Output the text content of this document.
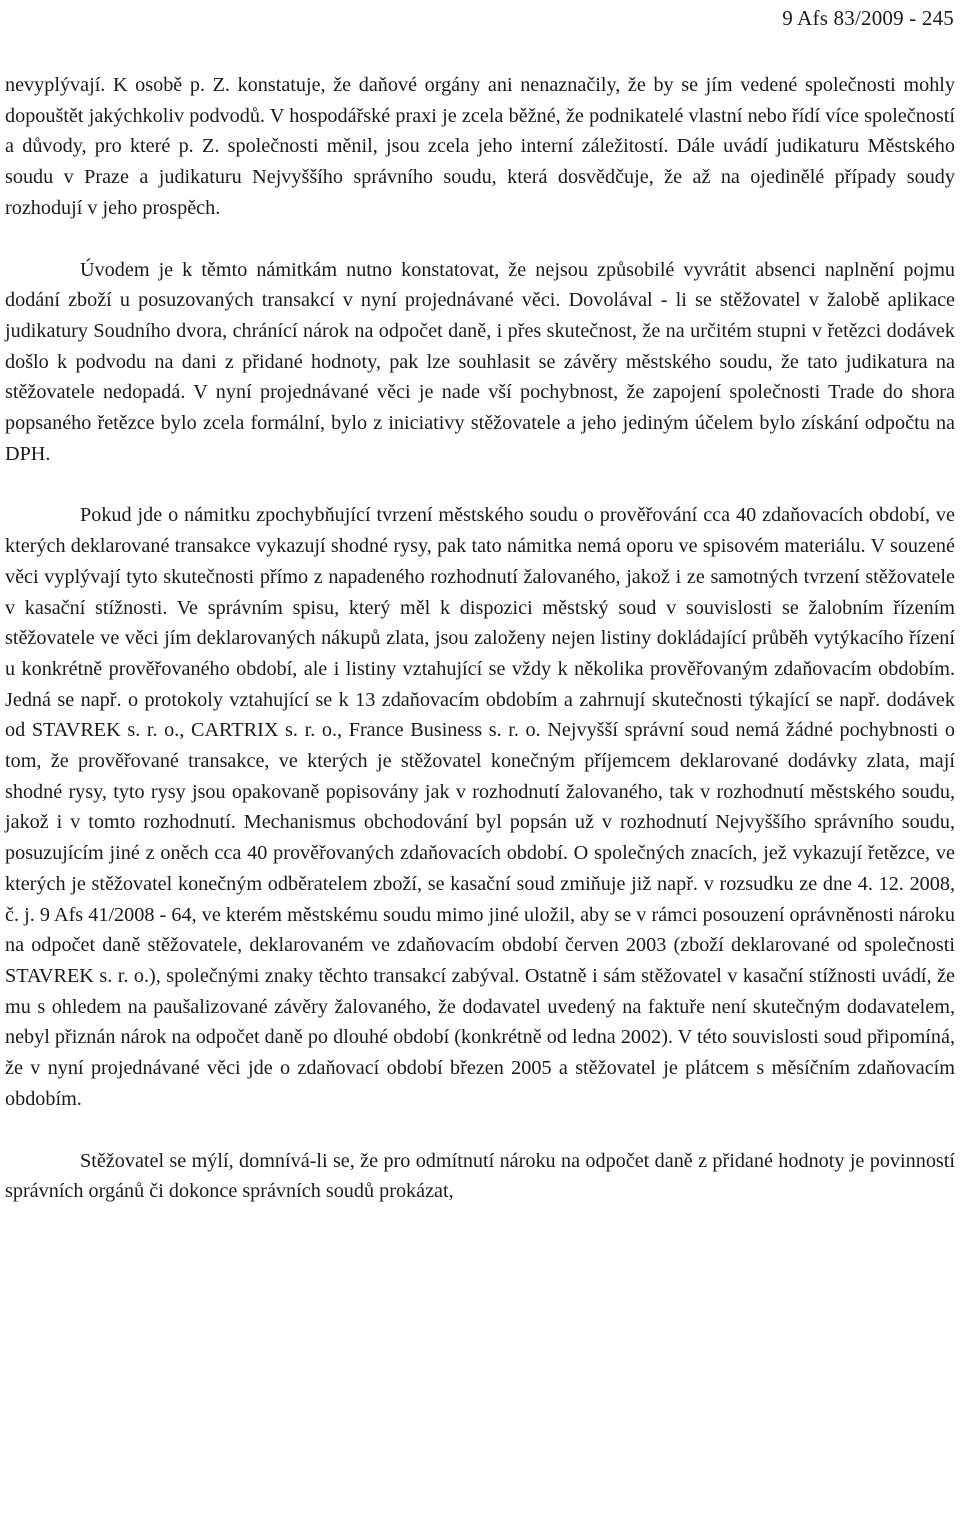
9 Afs 83/2009 - 245

nevyplývají. K osobě p. Z. konstatuje, že daňové orgány ani nenaznačily, že by se jím vedené společnosti mohly dopouštět jakýchkoliv podvodů. V hospodářské praxi je zcela běžné, že podnikatelé vlastní nebo řídí více společností a důvody, pro které p. Z. společnosti měnil, jsou zcela jeho interní záležitostí. Dále uvádí judikaturu Městského soudu v Praze a judikaturu Nejvyššího správního soudu, která dosvědčuje, že až na ojedinělé případy soudy rozhodují v jeho prospěch.

Úvodem je k těmto námitkám nutno konstatovat, že nejsou způsobilé vyvrátit absenci naplnění pojmu dodání zboží u posuzovaných transakcí v nyní projednávané věci. Dovolával - li se stěžovatel v žalobě aplikace judikatury Soudního dvora, chránící nárok na odpočet daně, i přes skutečnost, že na určitém stupni v řetězci dodávek došlo k podvodu na dani z přidané hodnoty, pak lze souhlasit se závěry městského soudu, že tato judikatura na stěžovatele nedopadá. V nyní projednávané věci je nade vší pochybnost, že zapojení společnosti Trade do shora popsaného řetězce bylo zcela formální, bylo z iniciativy stěžovatele a jeho jediným účelem bylo získání odpočtu na DPH.

Pokud jde o námitku zpochybňující tvrzení městského soudu o prověřování cca 40 zdaňovacích období, ve kterých deklarované transakce vykazují shodné rysy, pak tato námitka nemá oporu ve spisovém materiálu. V souzené věci vyplývají tyto skutečnosti přímo z napadeného rozhodnutí žalovaného, jakož i ze samotných tvrzení stěžovatele v kasační stížnosti. Ve správním spisu, který měl k dispozici městský soud v souvislosti se žalobním řízením stěžovatele ve věci jím deklarovaných nákupů zlata, jsou založeny nejen listiny dokládající průběh vytýkacího řízení u konkrétně prověřovaného období, ale i listiny vztahující se vždy k několika prověřovaným zdaňovacím obdobím. Jedná se např. o protokoly vztahující se k 13 zdaňovacím obdobím a zahrnují skutečnosti týkající se např. dodávek od STAVREK s. r. o., CARTRIX s. r. o., France Business s. r. o. Nejvyšší správní soud nemá žádné pochybnosti o tom, že prověřované transakce, ve kterých je stěžovatel konečným příjemcem deklarované dodávky zlata, mají shodné rysy, tyto rysy jsou opakovaně popisovány jak v rozhodnutí žalovaného, tak v rozhodnutí městského soudu, jakož i v tomto rozhodnutí. Mechanismus obchodování byl popsán už v rozhodnutí Nejvyššího správního soudu, posuzujícím jiné z oněch cca 40 prověřovaných zdaňovacích období. O společných znacích, jež vykazují řetězce, ve kterých je stěžovatel konečným odběratelem zboží, se kasační soud zmiňuje již např. v rozsudku ze dne 4. 12. 2008, č. j. 9 Afs 41/2008 - 64, ve kterém městskému soudu mimo jiné uložil, aby se v rámci posouzení oprávněnosti nároku na odpočet daně stěžovatele, deklarovaném ve zdaňovacím období červen 2003 (zboží deklarované od společnosti STAVREK s. r. o.), společnými znaky těchto transakcí zabýval. Ostatně i sám stěžovatel v kasační stížnosti uvádí, že mu s ohledem na paušalizované závěry žalovaného, že dodavatel uvedený na faktuře není skutečným dodavatelem, nebyl přiznán nárok na odpočet daně po dlouhé období (konkrétně od ledna 2002). V této souvislosti soud připomíná, že v nyní projednávané věci jde o zdaňovací období březen 2005 a stěžovatel je plátcem s měsíčním zdaňovacím obdobím.

Stěžovatel se mýlí, domnívá-li se, že pro odmítnutí nároku na odpočet daně z přidané hodnoty je povinností správních orgánů či dokonce správních soudů prokázat,
